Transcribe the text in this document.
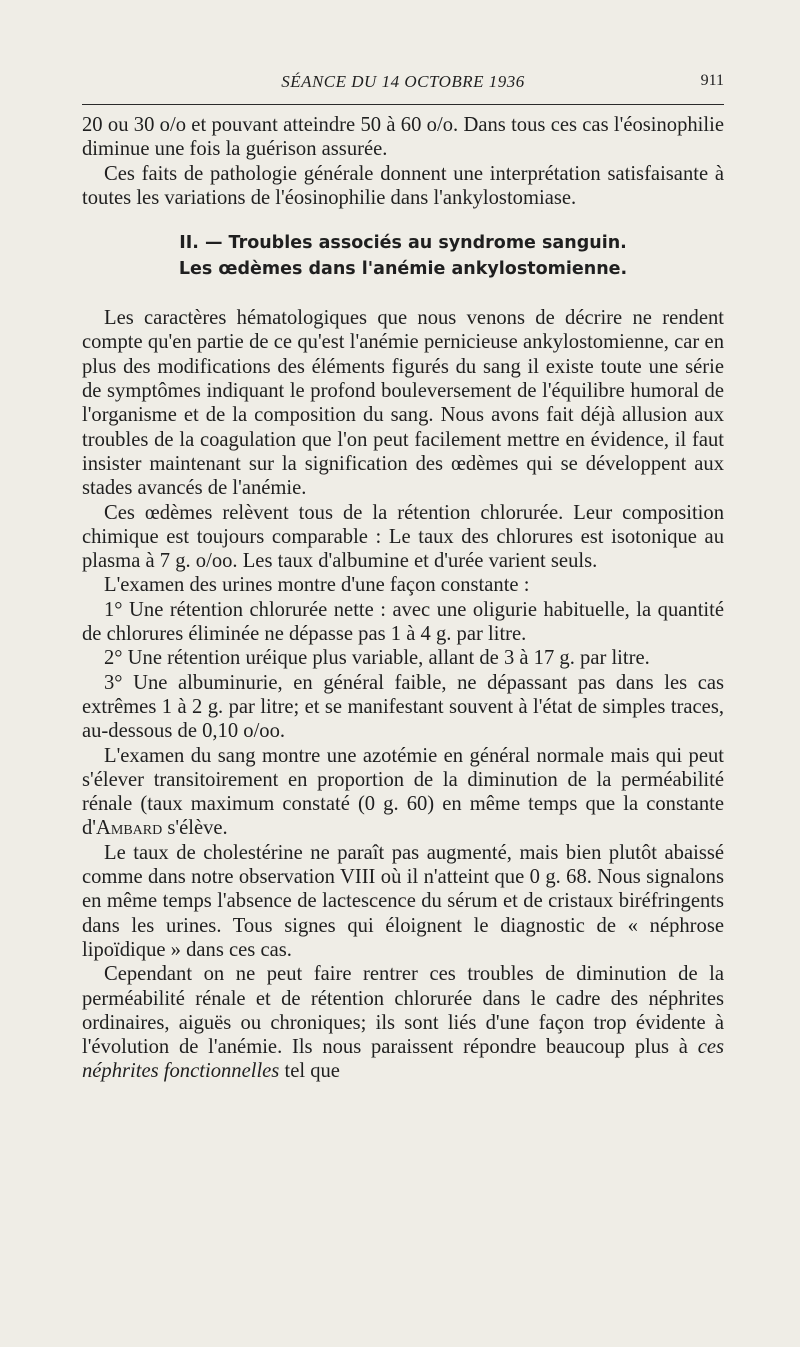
SÉANCE DU 14 OCTOBRE 1936	911

20 ou 30 o/o et pouvant atteindre 50 à 60 o/o. Dans tous ces cas l'éosinophilie diminue une fois la guérison assurée.

Ces faits de pathologie générale donnent une interprétation satisfaisante à toutes les variations de l'éosinophilie dans l'ankylostomiase.

II. — Troubles associés au syndrome sanguin.
Les œdèmes dans l'anémie ankylostomienne.

Les caractères hématologiques que nous venons de décrire ne rendent compte qu'en partie de ce qu'est l'anémie pernicieuse ankylostomienne, car en plus des modifications des éléments figurés du sang il existe toute une série de symptômes indiquant le profond bouleversement de l'équilibre humoral de l'organisme et de la composition du sang. Nous avons fait déjà allusion aux troubles de la coagulation que l'on peut facilement mettre en évidence, il faut insister maintenant sur la signification des œdèmes qui se développent aux stades avancés de l'anémie.

Ces œdèmes relèvent tous de la rétention chlorurée. Leur composition chimique est toujours comparable : Le taux des chlorures est isotonique au plasma à 7 g. o/oo. Les taux d'albumine et d'urée varient seuls.

L'examen des urines montre d'une façon constante :

1° Une rétention chlorurée nette : avec une oligurie habituelle, la quantité de chlorures éliminée ne dépasse pas 1 à 4 g. par litre.

2° Une rétention uréique plus variable, allant de 3 à 17 g. par litre.

3° Une albuminurie, en général faible, ne dépassant pas dans les cas extrêmes 1 à 2 g. par litre; et se manifestant souvent à l'état de simples traces, au-dessous de 0,10 o/oo.

L'examen du sang montre une azotémie en général normale mais qui peut s'élever transitoirement en proportion de la diminution de la perméabilité rénale (taux maximum constaté (0 g. 60) en même temps que la constante d'Ambard s'élève.

Le taux de cholestérine ne paraît pas augmenté, mais bien plutôt abaissé comme dans notre observation VIII où il n'atteint que 0 g. 68. Nous signalons en même temps l'absence de lactescence du sérum et de cristaux biréfringents dans les urines. Tous signes qui éloignent le diagnostic de « néphrose lipoïdique » dans ces cas.

Cependant on ne peut faire rentrer ces troubles de diminution de la perméabilité rénale et de rétention chlorurée dans le cadre des néphrites ordinaires, aiguës ou chroniques; ils sont liés d'une façon trop évidente à l'évolution de l'anémie. Ils nous paraissent répondre beaucoup plus à ces néphrites fonctionnelles tel que
